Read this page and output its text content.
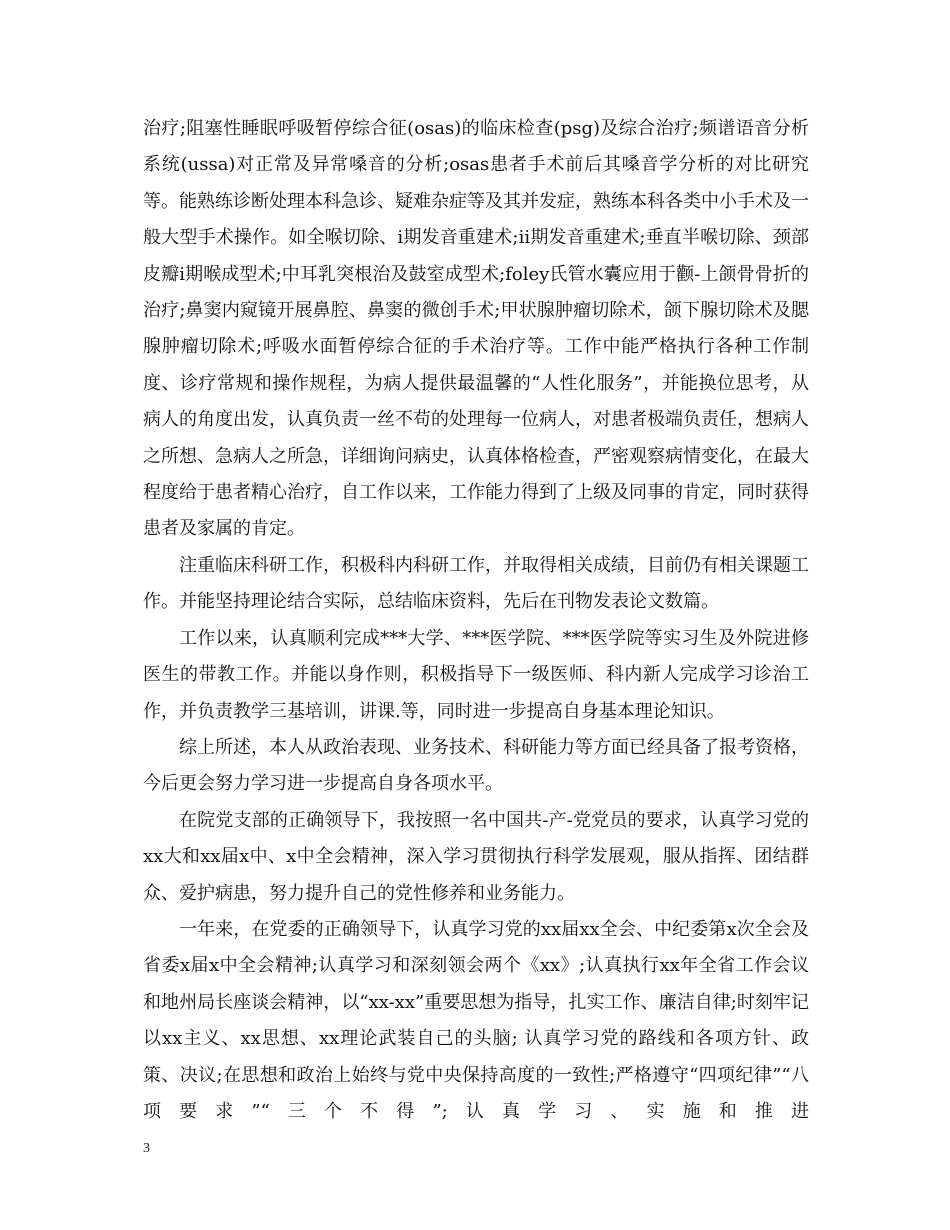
治疗;阻塞性睡眠呼吸暂停综合征(osas)的临床检查(psg)及综合治疗;频谱语音分析系统(ussa)对正常及异常嗓音的分析;osas患者手术前后其嗓音学分析的对比研究等。能熟练诊断处理本科急诊、疑难杂症等及其并发症，熟练本科各类中小手术及一般大型手术操作。如全喉切除、ⅰ期发音重建术;ⅱ期发音重建术;垂直半喉切除、颈部皮瓣ⅰ期喉成型术;中耳乳突根治及鼓室成型术;foley氏管水囊应用于颧-上颌骨骨折的治疗;鼻窦内窥镜开展鼻腔、鼻窦的微创手术;甲状腺肿瘤切除术，颌下腺切除术及腮腺肿瘤切除术;呼吸水面暂停综合征的手术治疗等。工作中能严格执行各种工作制度、诊疗常规和操作规程，为病人提供最温馨的“人性化服务”，并能换位思考，从病人的角度出发，认真负责一丝不苟的处理每一位病人，对患者极端负责任，想病人之所想、急病人之所急，详细询问病史，认真体格检查，严密观察病情变化，在最大程度给于患者精心治疗，自工作以来，工作能力得到了上级及同事的肯定，同时获得患者及家属的肯定。

注重临床科研工作，积极科内科研工作，并取得相关成绩，目前仍有相关课题工作。并能坚持理论结合实际，总结临床资料，先后在刊物发表论文数篇。

工作以来，认真顺利完成***大学、***医学院、***医学院等实习生及外院进修医生的带教工作。并能以身作则，积极指导下一级医师、科内新人完成学习诊治工作，并负责教学三基培训，讲课.等，同时进一步提高自身基本理论知识。

综上所述，本人从政治表现、业务技术、科研能力等方面已经具备了报考资格，今后更会努力学习进一步提高自身各项水平。

在院党支部的正确领导下，我按照一名中国共-产-党党员的要求，认真学习党的xx大和xx届x中、x中全会精神，深入学习贯彻执行科学发展观，服从指挥、团结群众、爱护病患，努力提升自己的党性修养和业务能力。

一年来，在党委的正确领导下，认真学习党的xx届xx全会、中纪委第x次全会及省委x届x中全会精神;认真学习和深刻领会两个《xx》;认真执行xx年全省工作会议和地州局长座谈会精神，以“xx-xx”重要思想为指导，扎实工作、廉洁自律;时刻牢记以xx主义、xx思想、xx理论武装自己的头脑; 认真学习党的路线和各项方针、政策、决议;在思想和政治上始终与党中央保持高度的一致性;严格遵守“四项纪律”“八项要求”“三个不得”;认真学习、实施和推进

3
